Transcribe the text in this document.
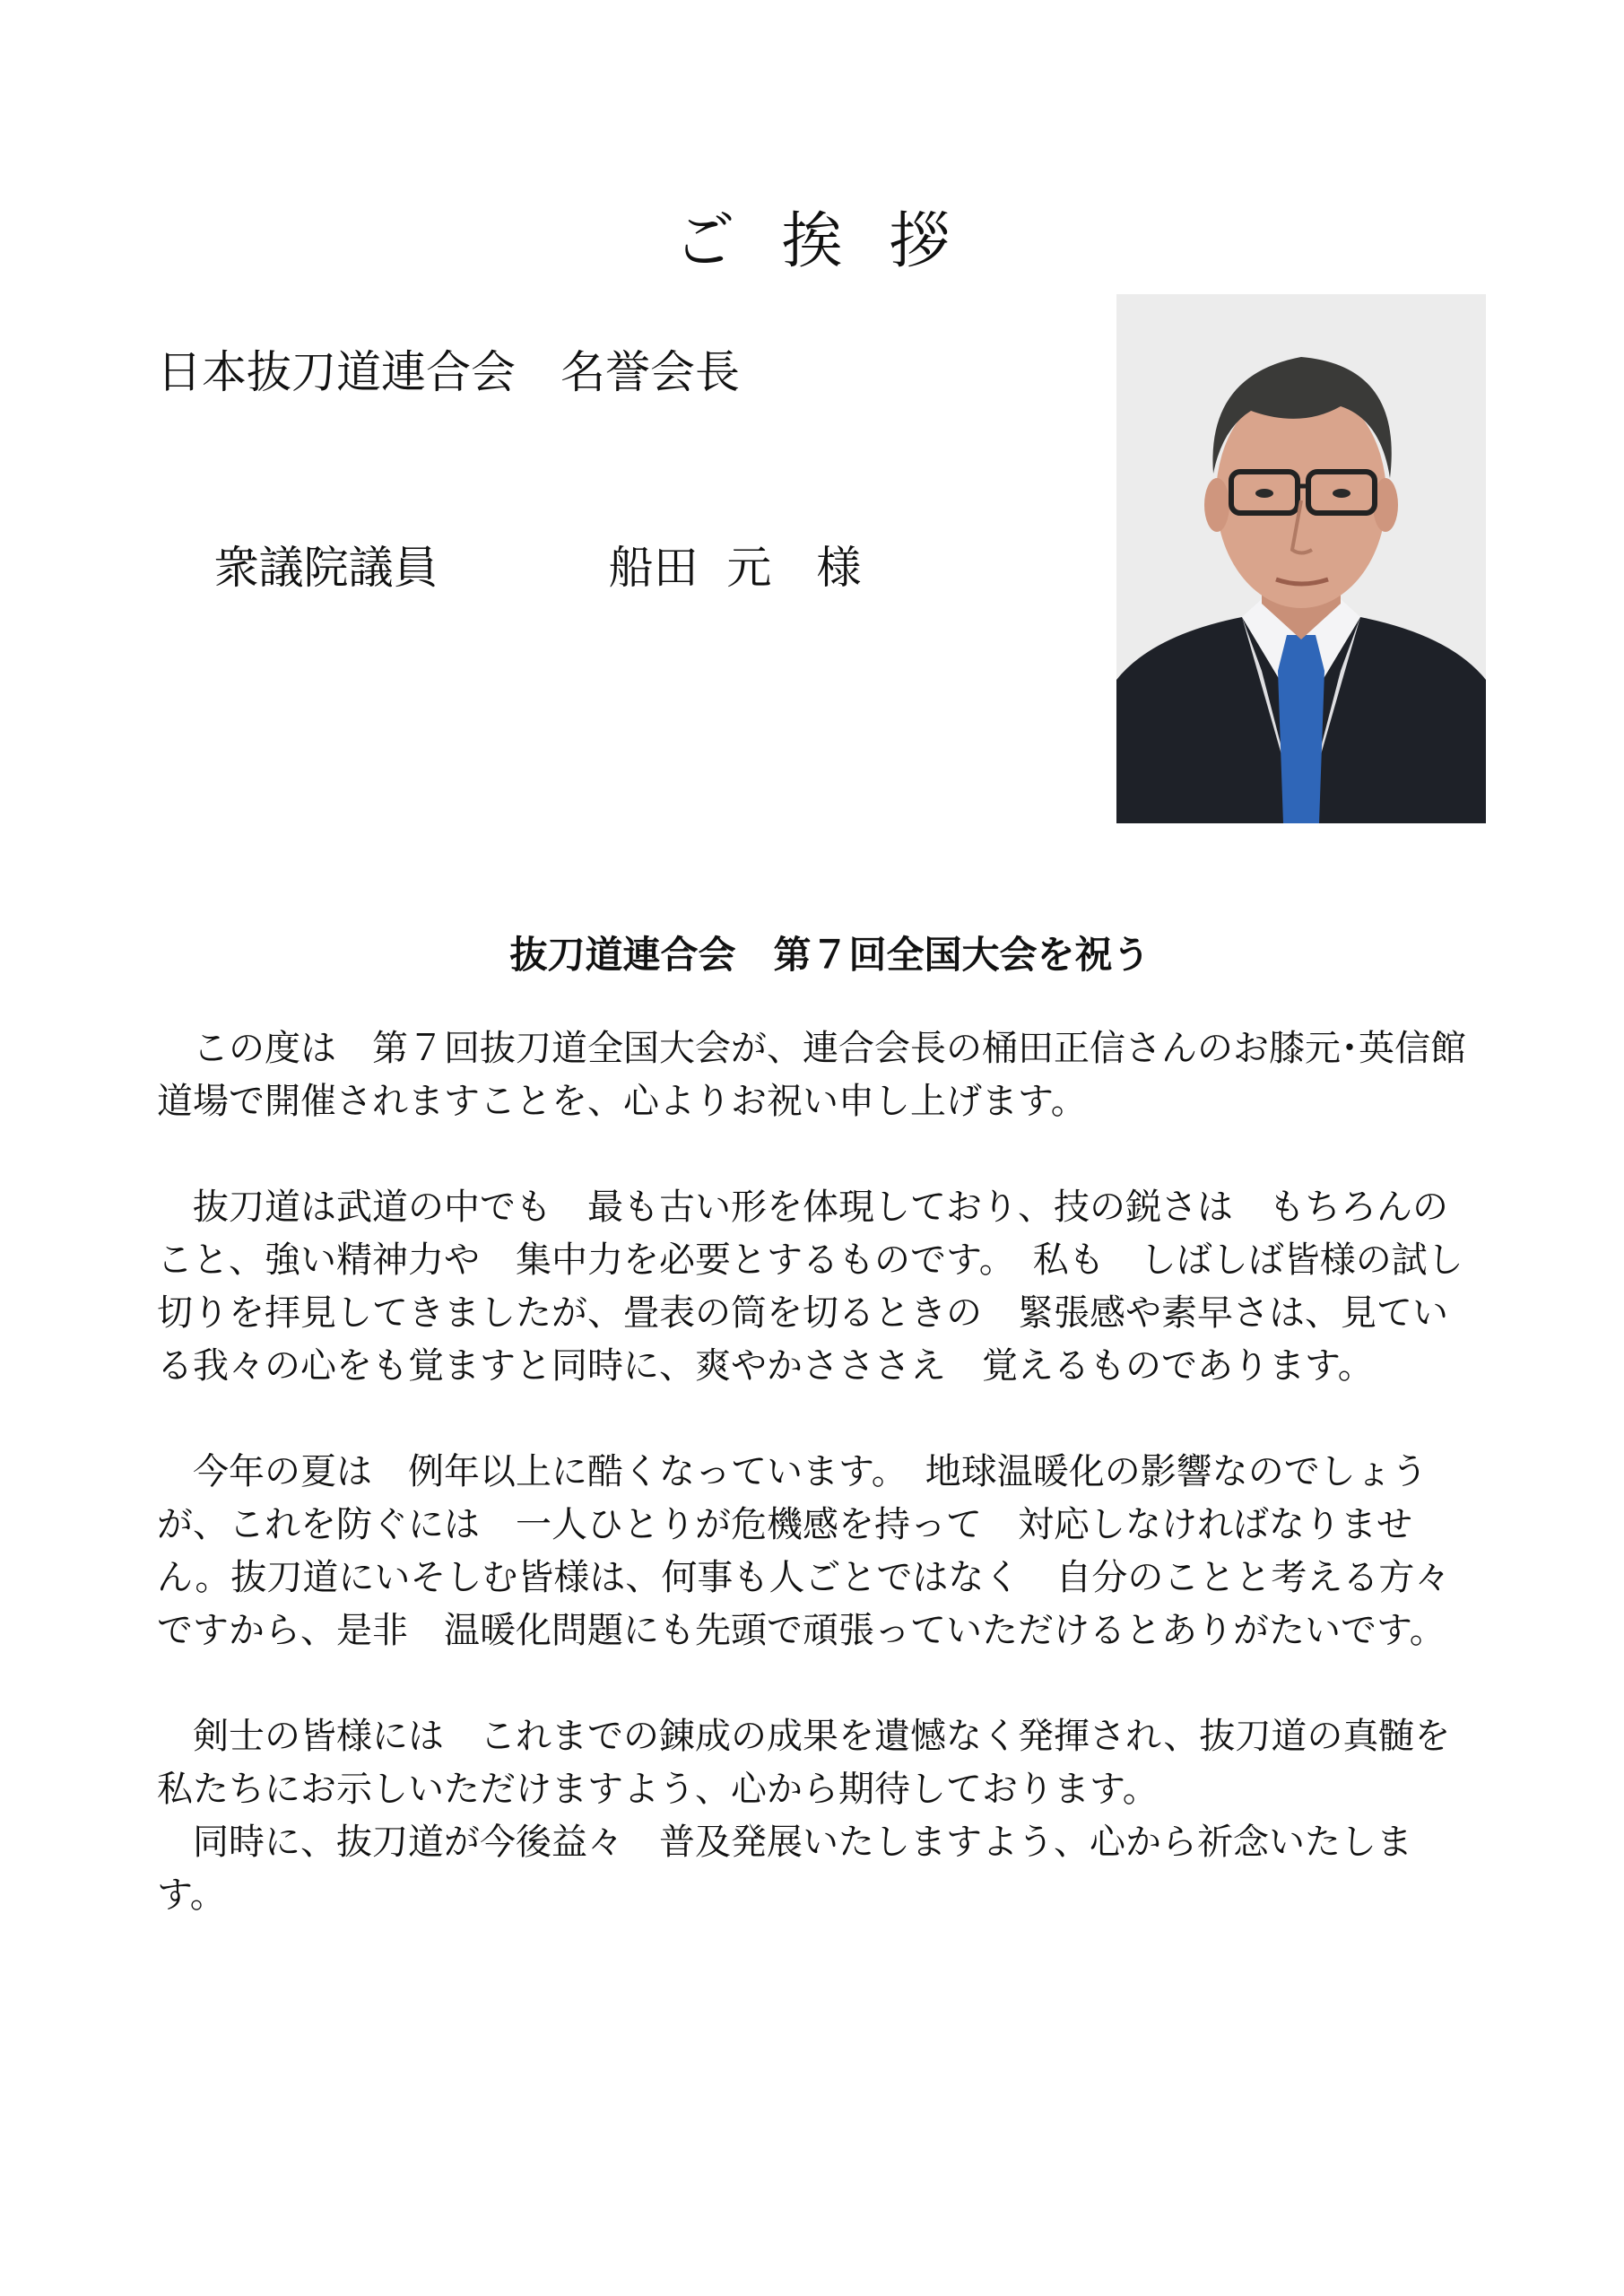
ご挨拶
日本抜刀道連合会　名誉会長

衆議院議員	船田  元　様

抜刀道連合会　第７回全国大会を祝う

この度は　第７回抜刀道全国大会が、連合会長の桶田正信さんのお膝元･英信館道場で開催されますことを、心よりお祝い申し上げます。

抜刀道は武道の中でも　最も古い形を体現しており、技の鋭さは　もちろんのこと、強い精神力や　集中力を必要とするものです。　私も　しばしば皆様の試し切りを拝見してきましたが、畳表の筒を切るときの　緊張感や素早さは、見ている我々の心をも覚ますと同時に、爽やかさささえ　覚えるものであります。

今年の夏は　例年以上に酷くなっています。　地球温暖化の影響なのでしょうが、これを防ぐには　一人ひとりが危機感を持って　対応しなければなりません。抜刀道にいそしむ皆様は、何事も人ごとではなく　自分のことと考える方々ですから、是非　温暖化問題にも先頭で頑張っていただけるとありがたいです。

剣士の皆様には　これまでの錬成の成果を遺憾なく発揮され、抜刀道の真髄を　私たちにお示しいただけますよう、心から期待しております。

同時に、抜刀道が今後益々　普及発展いたしますよう、心から祈念いたします。
